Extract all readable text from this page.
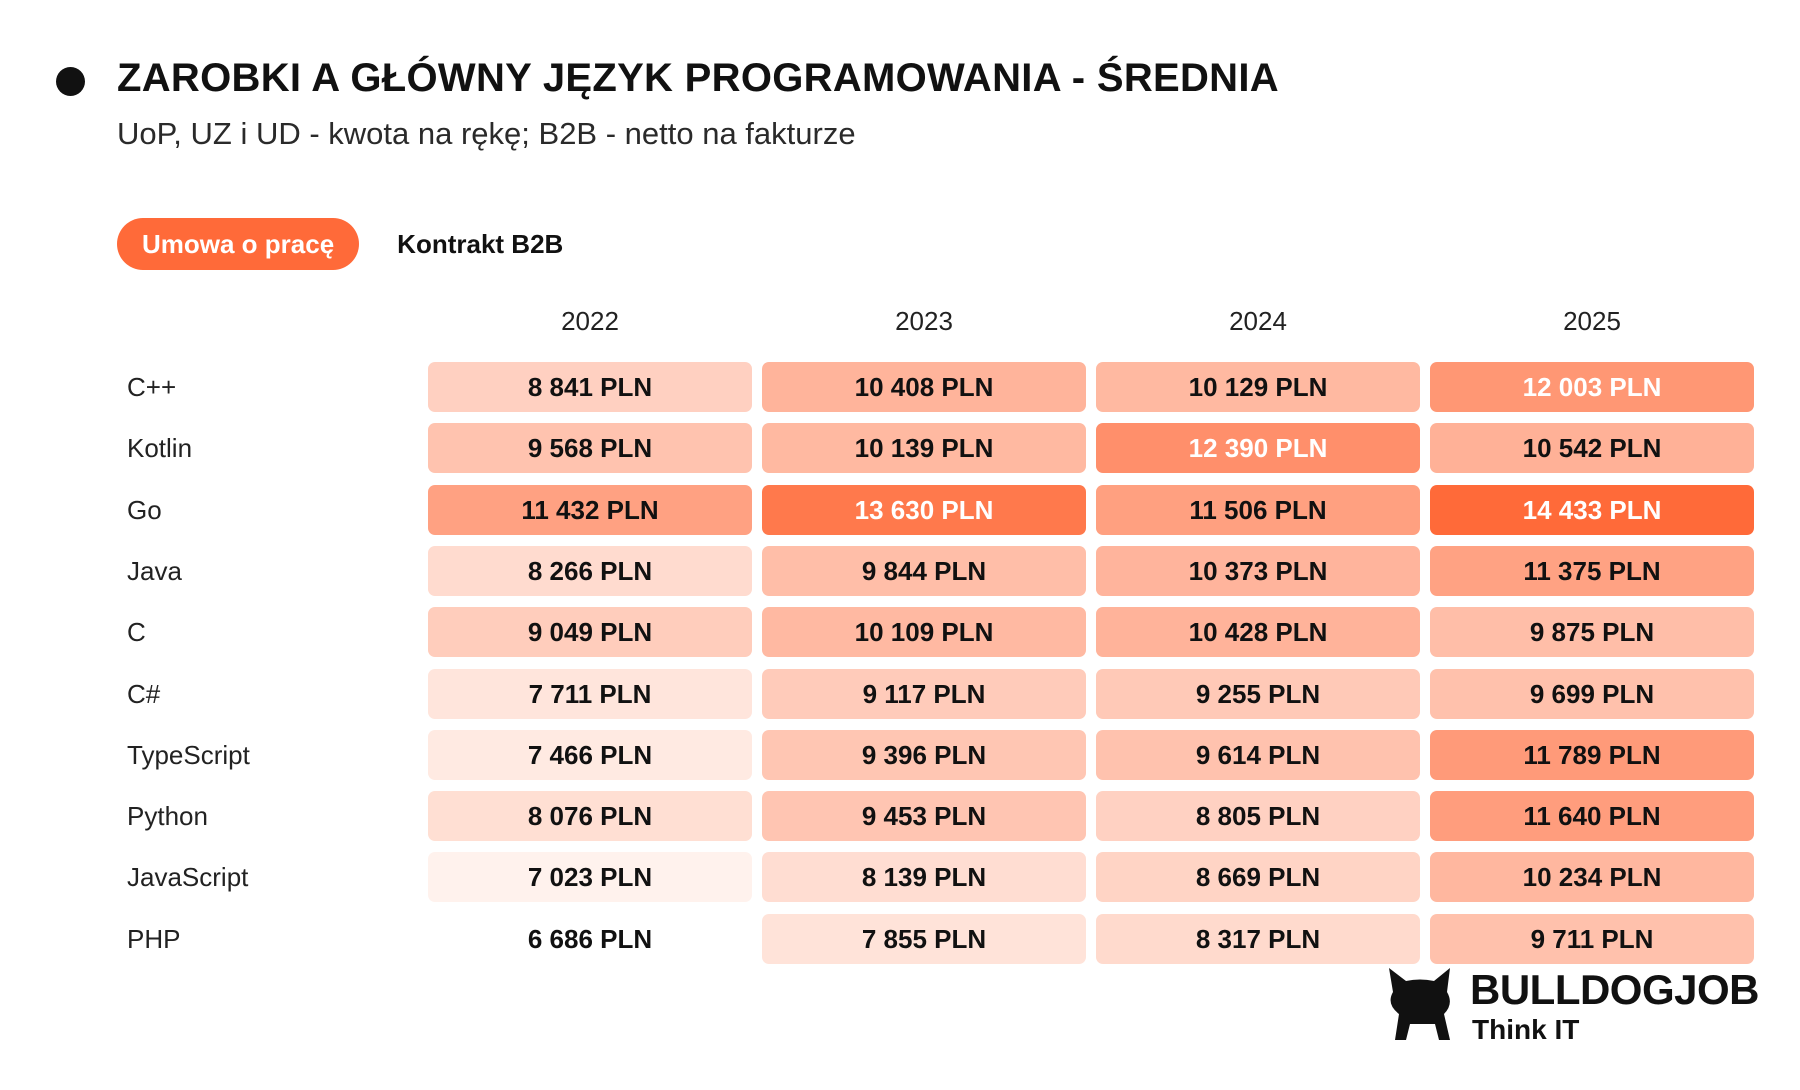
ZAROBKI A GŁÓWNY JĘZYK PROGRAMOWANIA - ŚREDNIA
UoP, UZ i UD - kwota na rękę; B2B - netto na fakturze
Umowa o pracę	Kontrakt B2B
2022	2023	2024	2025
C++	8 841 PLN	10 408 PLN	10 129 PLN	12 003 PLN
Kotlin	9 568 PLN	10 139 PLN	12 390 PLN	10 542 PLN
Go	11 432 PLN	13 630 PLN	11 506 PLN	14 433 PLN
Java	8 266 PLN	9 844 PLN	10 373 PLN	11 375 PLN
C	9 049 PLN	10 109 PLN	10 428 PLN	9 875 PLN
C#	7 711 PLN	9 117 PLN	9 255 PLN	9 699 PLN
TypeScript	7 466 PLN	9 396 PLN	9 614 PLN	11 789 PLN
Python	8 076 PLN	9 453 PLN	8 805 PLN	11 640 PLN
JavaScript	7 023 PLN	8 139 PLN	8 669 PLN	10 234 PLN
PHP	6 686 PLN	7 855 PLN	8 317 PLN	9 711 PLN
BULLDOGJOB
Think IT
